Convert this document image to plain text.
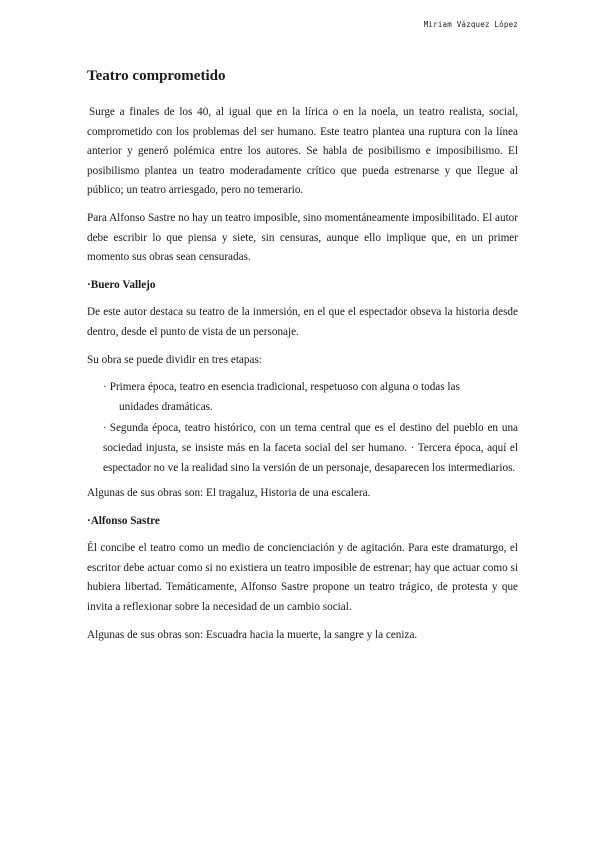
Miriam Vázquez López
Teatro comprometido

Surge a finales de los 40, al igual que en la lírica o en la noela, un teatro realista, social, comprometido con los problemas del ser humano. Este teatro plantea una ruptura con la línea anterior y generó polémica entre los autores. Se habla de posibilismo e imposibilismo. El posibilismo plantea un teatro moderadamente crítico que pueda estrenarse y que llegue al público; un teatro arriesgado, pero no temerario.

Para Alfonso Sastre no hay un teatro imposible, sino momentáneamente imposibilitado. El autor debe escribir lo que piensa y siete, sin censuras, aunque ello implique que, en un primer momento sus obras sean censuradas.

·Buero Vallejo

De este autor destaca su teatro de la inmersión, en el que el espectador obseva la historia desde dentro, desde el punto de vista de un personaje.

Su obra se puede dividir en tres etapas:

· Primera época, teatro en esencia tradicional, respetuoso con alguna o todas las
unidades dramáticas.
· Segunda época, teatro histórico, con un tema central que es el destino del pueblo en una sociedad injusta, se insiste más en la faceta social del ser humano. · Tercera época, aquí el espectador no ve la realidad sino la versión de un personaje, desaparecen los intermediarios.

Algunas de sus obras son: El tragaluz, Historia de una escalera.

·Alfonso Sastre

Él concibe el teatro como un medio de concienciación y de agitación. Para este dramaturgo, el escritor debe actuar como si no existiera un teatro imposible de estrenar; hay que actuar como si hubiera libertad. Temáticamente, Alfonso Sastre propone un teatro trágico, de protesta y que invita a reflexionar sobre la necesidad de un cambio social.

Algunas de sus obras son: Escuadra hacia la muerte, la sangre y la ceniza.
